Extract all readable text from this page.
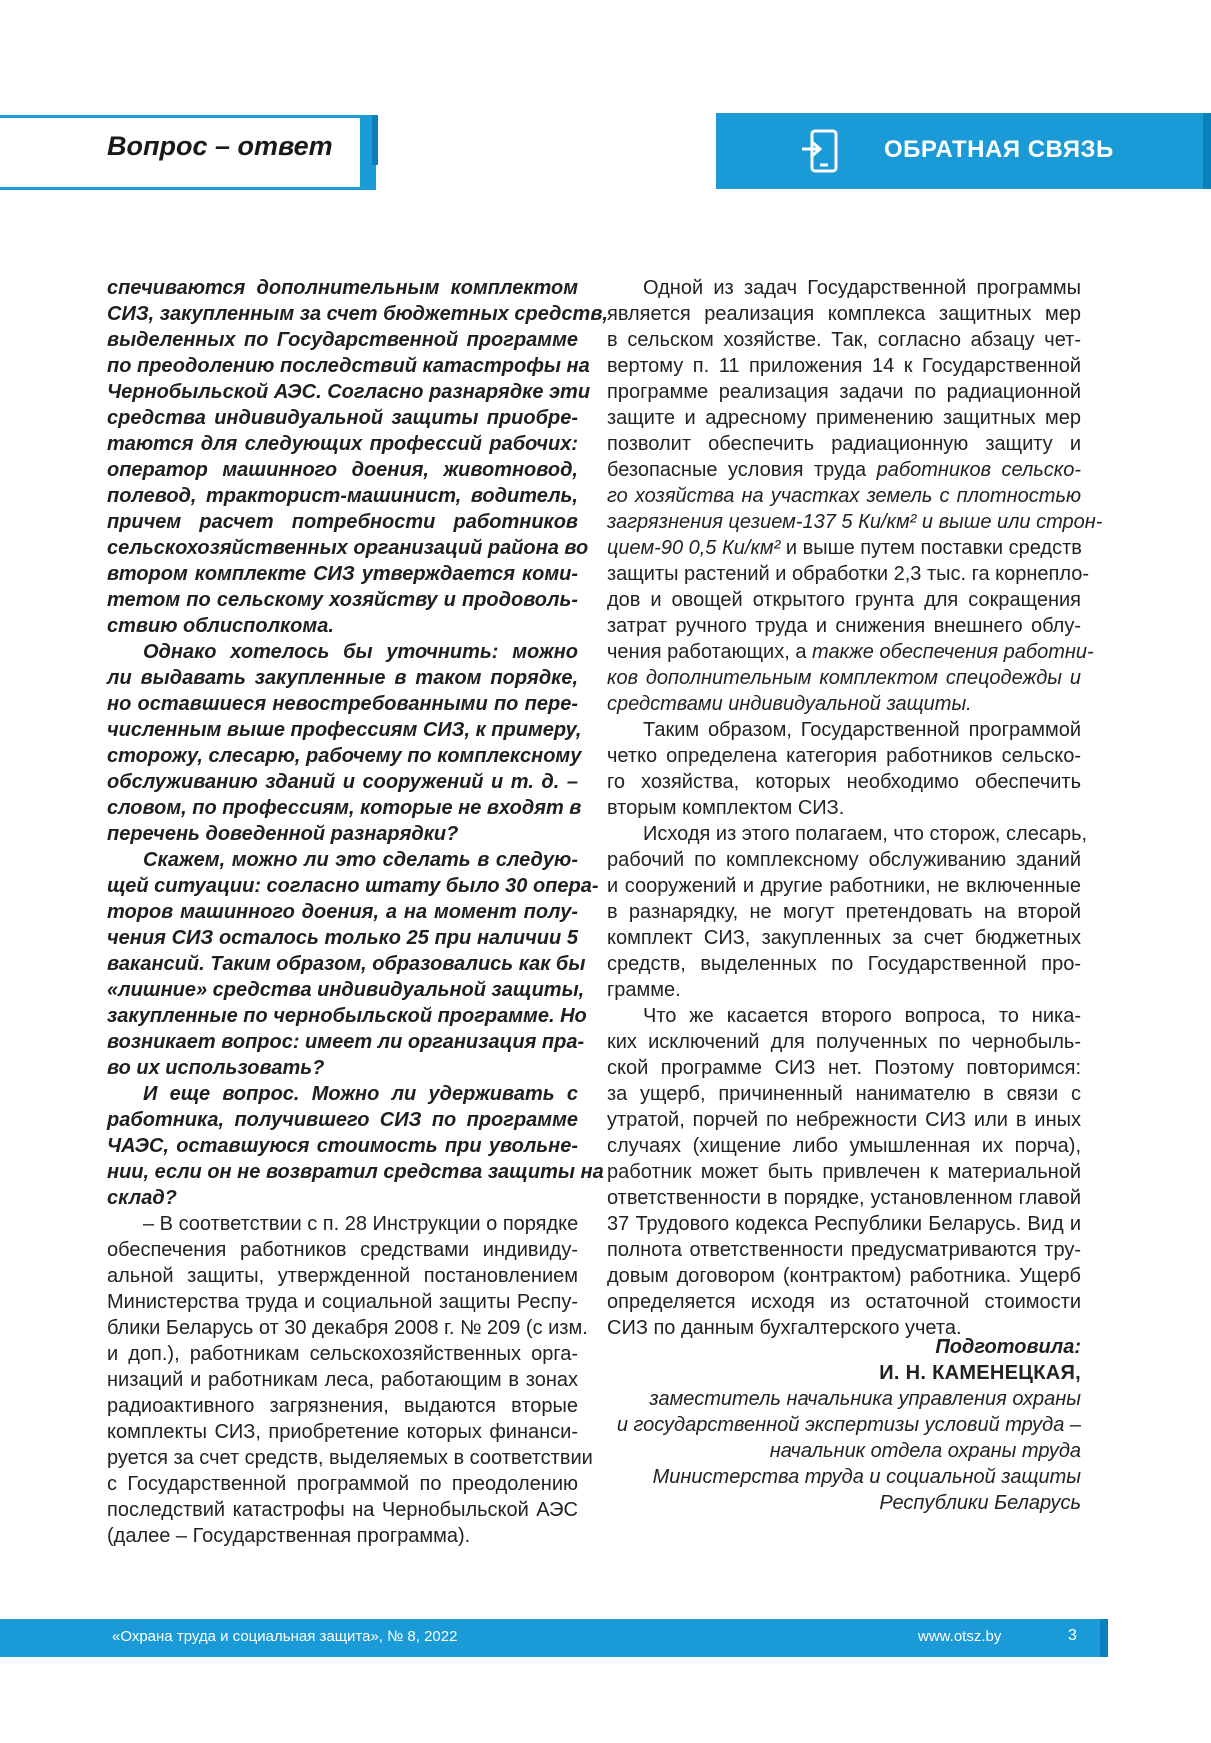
Вопрос – ответ	ОБРАТНАЯ СВЯЗЬ
спечиваются дополнительным комплектом
СИЗ, закупленным за счет бюджетных средств,
выделенных по Государственной программе
по преодолению последствий катастрофы на
Чернобыльской АЭС. Согласно разнарядке эти
средства индивидуальной защиты приобре-
таются для следующих профессий рабочих:
оператор машинного доения, животновод,
полевод, тракторист-машинист, водитель,
причем расчет потребности работников
сельскохозяйственных организаций района во
втором комплекте СИЗ утверждается коми-
тетом по сельскому хозяйству и продоволь-
ствию облисполкома.
Однако хотелось бы уточнить: можно
ли выдавать закупленные в таком порядке,
но оставшиеся невостребованными по пере-
численным выше профессиям СИЗ, к примеру,
сторожу, слесарю, рабочему по комплексному
обслуживанию зданий и сооружений и т. д. –
словом, по профессиям, которые не входят в
перечень доведенной разнарядки?
Скажем, можно ли это сделать в следую-
щей ситуации: согласно штату было 30 опера-
торов машинного доения, а на момент полу-
чения СИЗ осталось только 25 при наличии 5
вакансий. Таким образом, образовались как бы
«лишние» средства индивидуальной защиты,
закупленные по чернобыльской программе. Но
возникает вопрос: имеет ли организация пра-
во их использовать?
И еще вопрос. Можно ли удерживать с
работника, получившего СИЗ по программе
ЧАЭС, оставшуюся стоимость при увольне-
нии, если он не возвратил средства защиты на
склад?
– В соответствии с п. 28 Инструкции о порядке
обеспечения работников средствами индивиду-
альной защиты, утвержденной постановлением
Министерства труда и социальной защиты Респу-
блики Беларусь от 30 декабря 2008 г. № 209 (с изм.
и доп.), работникам сельскохозяйственных орга-
низаций и работникам леса, работающим в зонах
радиоактивного загрязнения, выдаются вторые
комплекты СИЗ, приобретение которых финанси-
руется за счет средств, выделяемых в соответствии
с Государственной программой по преодолению
последствий катастрофы на Чернобыльской АЭС
(далее – Государственная программа).
Одной из задач Государственной программы
является реализация комплекса защитных мер
в сельском хозяйстве. Так, согласно абзацу чет-
вертому п. 11 приложения 14 к Государственной
программе реализация задачи по радиационной
защите и адресному применению защитных мер
позволит обеспечить радиационную защиту и
безопасные условия труда работников сельско-
го хозяйства на участках земель с плотностью
загрязнения цезием-137 5 Ки/км² и выше или строн-
цием-90 0,5 Ки/км² и выше путем поставки средств
защиты растений и обработки 2,3 тыс. га корнепло-
дов и овощей открытого грунта для сокращения
затрат ручного труда и снижения внешнего облу-
чения работающих, а также обеспечения работни-
ков дополнительным комплектом спецодежды и
средствами индивидуальной защиты.
Таким образом, Государственной программой
четко определена категория работников сельско-
го хозяйства, которых необходимо обеспечить
вторым комплектом СИЗ.
Исходя из этого полагаем, что сторож, слесарь,
рабочий по комплексному обслуживанию зданий
и сооружений и другие работники, не включенные
в разнарядку, не могут претендовать на второй
комплект СИЗ, закупленных за счет бюджетных
средств, выделенных по Государственной про-
грамме.
Что же касается второго вопроса, то ника-
ких исключений для полученных по чернобыль-
ской программе СИЗ нет. Поэтому повторимся:
за ущерб, причиненный нанимателю в связи с
утратой, порчей по небрежности СИЗ или в иных
случаях (хищение либо умышленная их порча),
работник может быть привлечен к материальной
ответственности в порядке, установленном главой
37 Трудового кодекса Республики Беларусь. Вид и
полнота ответственности предусматриваются тру-
довым договором (контрактом) работника. Ущерб
определяется исходя из остаточной стоимости
СИЗ по данным бухгалтерского учета.
Подготовила:
И. Н. КАМЕНЕЦКАЯ,
заместитель начальника управления охраны
и государственной экспертизы условий труда –
начальник отдела охраны труда
Министерства труда и социальной защиты
Республики Беларусь
«Охрана труда и социальная защита», № 8, 2022	www.otsz.by	3
